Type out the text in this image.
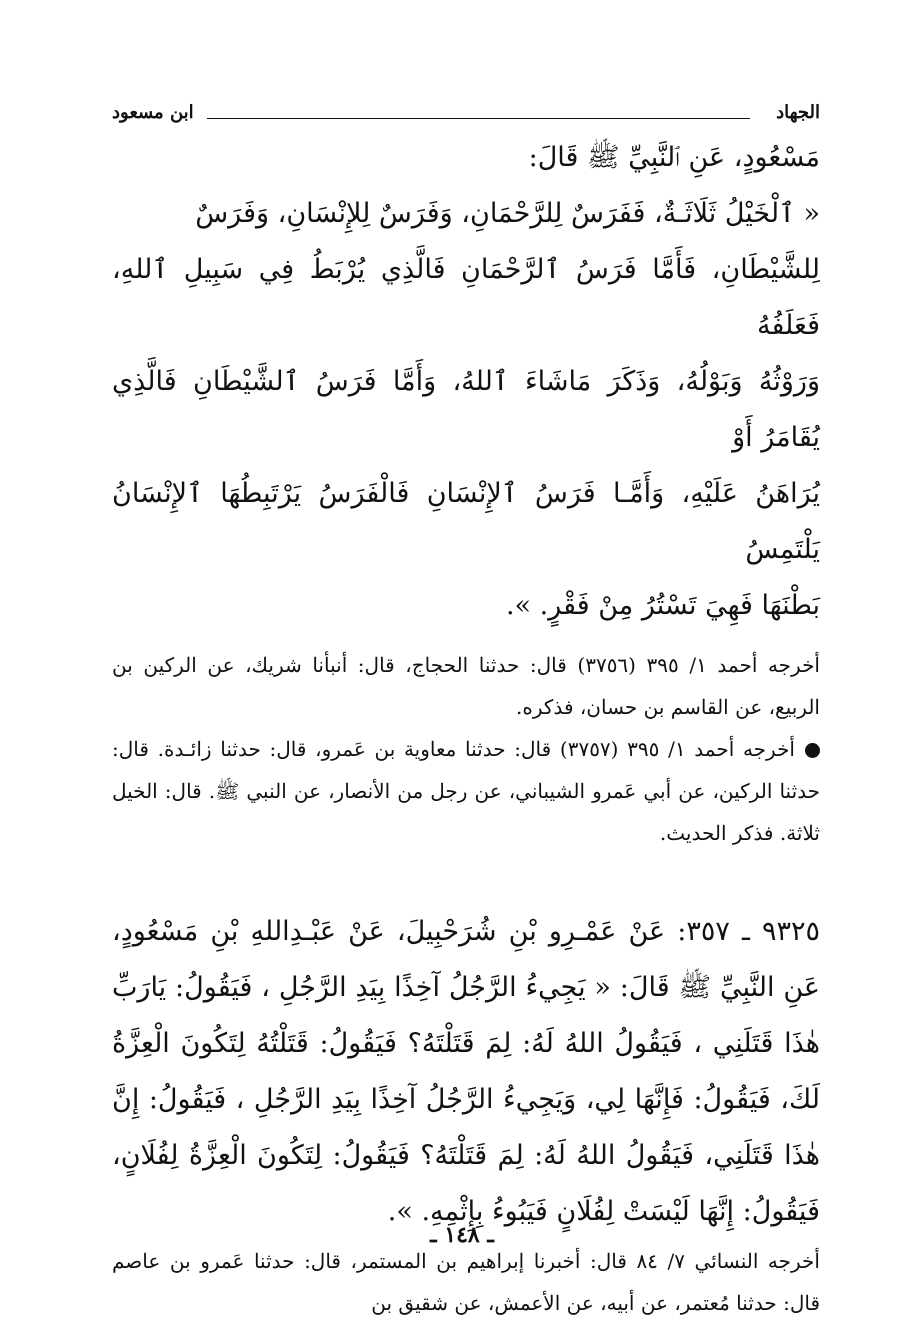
الجهاد
ابن مسعود

مَسْعُودٍ، عَنِ ٱلنَّبِيِّ ﷺ قَالَ:

« ٱلْخَيْلُ ثَلَاثَـةٌ، فَفَرَسٌ لِلرَّحْمَانِ، وَفَرَسٌ لِلإِنْسَانِ، وَفَرَسٌ

لِلشَّيْطَانِ، فَأَمَّا فَرَسُ ٱلرَّحْمَانِ فَالَّذِي يُرْبَطُ فِي سَبِيلِ ٱللهِ، فَعَلَفُهُ

وَرَوْثُهُ وَبَوْلُهُ، وَذَكَرَ مَاشَاءَ ٱللهُ، وَأَمَّا فَرَسُ ٱلشَّيْطَانِ فَالَّذِي يُقَامَرُ أَوْ

يُرَاهَنُ عَلَيْهِ، وَأَمَّـا فَرَسُ ٱلإِنْسَانِ فَالْفَرَسُ يَرْتَبِطُهَا ٱلإِنْسَانُ يَلْتَمِسُ

بَطْنَهَا فَهِيَ تَسْتُرُ مِنْ فَقْرٍ. ».

أخرجه أحمد ١/ ٣٩٥ (٣٧٥٦) قال: حدثنا الحجاج، قال: أنبأنا شريك، عن الركين بن الربيع، عن القاسم بن حسان، فذكره.

أخرجه أحمد ١/ ٣٩٥ (٣٧٥٧) قال: حدثنا معاوية بن عَمرو، قال: حدثنا زائـدة. قال: حدثنا الركين، عن أبي عَمرو الشيباني، عن رجل من الأنصار، عن النبي ﷺ. قال: الخيل ثلاثة. فذكر الحديث.

٩٣٢٥ ـ ٣٥٧: عَنْ عَمْـرِو بْنِ شُرَحْبِيلَ، عَنْ عَبْـدِاللهِ بْنِ مَسْعُودٍ، عَنِ النَّبِيِّ ﷺ قَالَ: « يَجِيءُ الرَّجُلُ آخِذًا بِيَدِ الرَّجُلِ ، فَيَقُولُ: يَارَبِّ هٰذَا قَتَلَنِي ، فَيَقُولُ اللهُ لَهُ: لِمَ قَتَلْتَهُ؟ فَيَقُولُ: قَتَلْتُهُ لِتَكُونَ الْعِزَّةُ لَكَ، فَيَقُولُ: فَإِنَّهَا لِي، وَيَجِيءُ الرَّجُلُ آخِذًا بِيَدِ الرَّجُلِ ، فَيَقُولُ: إِنَّ هٰذَا قَتَلَنِي، فَيَقُولُ اللهُ لَهُ: لِمَ قَتَلْتَهُ؟ فَيَقُولُ: لِتَكُونَ الْعِزَّةُ لِفُلَانٍ، فَيَقُولُ: إِنَّهَا لَيْسَتْ لِفُلَانٍ فَيَبُوءُ بِإِثْمِهِ. ».

أخرجه النسائي ٧/ ٨٤ قال: أخبرنا إبراهيم بن المستمر، قال: حدثنا عَمرو بن عاصم قال: حدثنا مُعتمر، عن أبيه، عن الأعمش، عن شقيق بن

ـ ١٤٨ ـ
